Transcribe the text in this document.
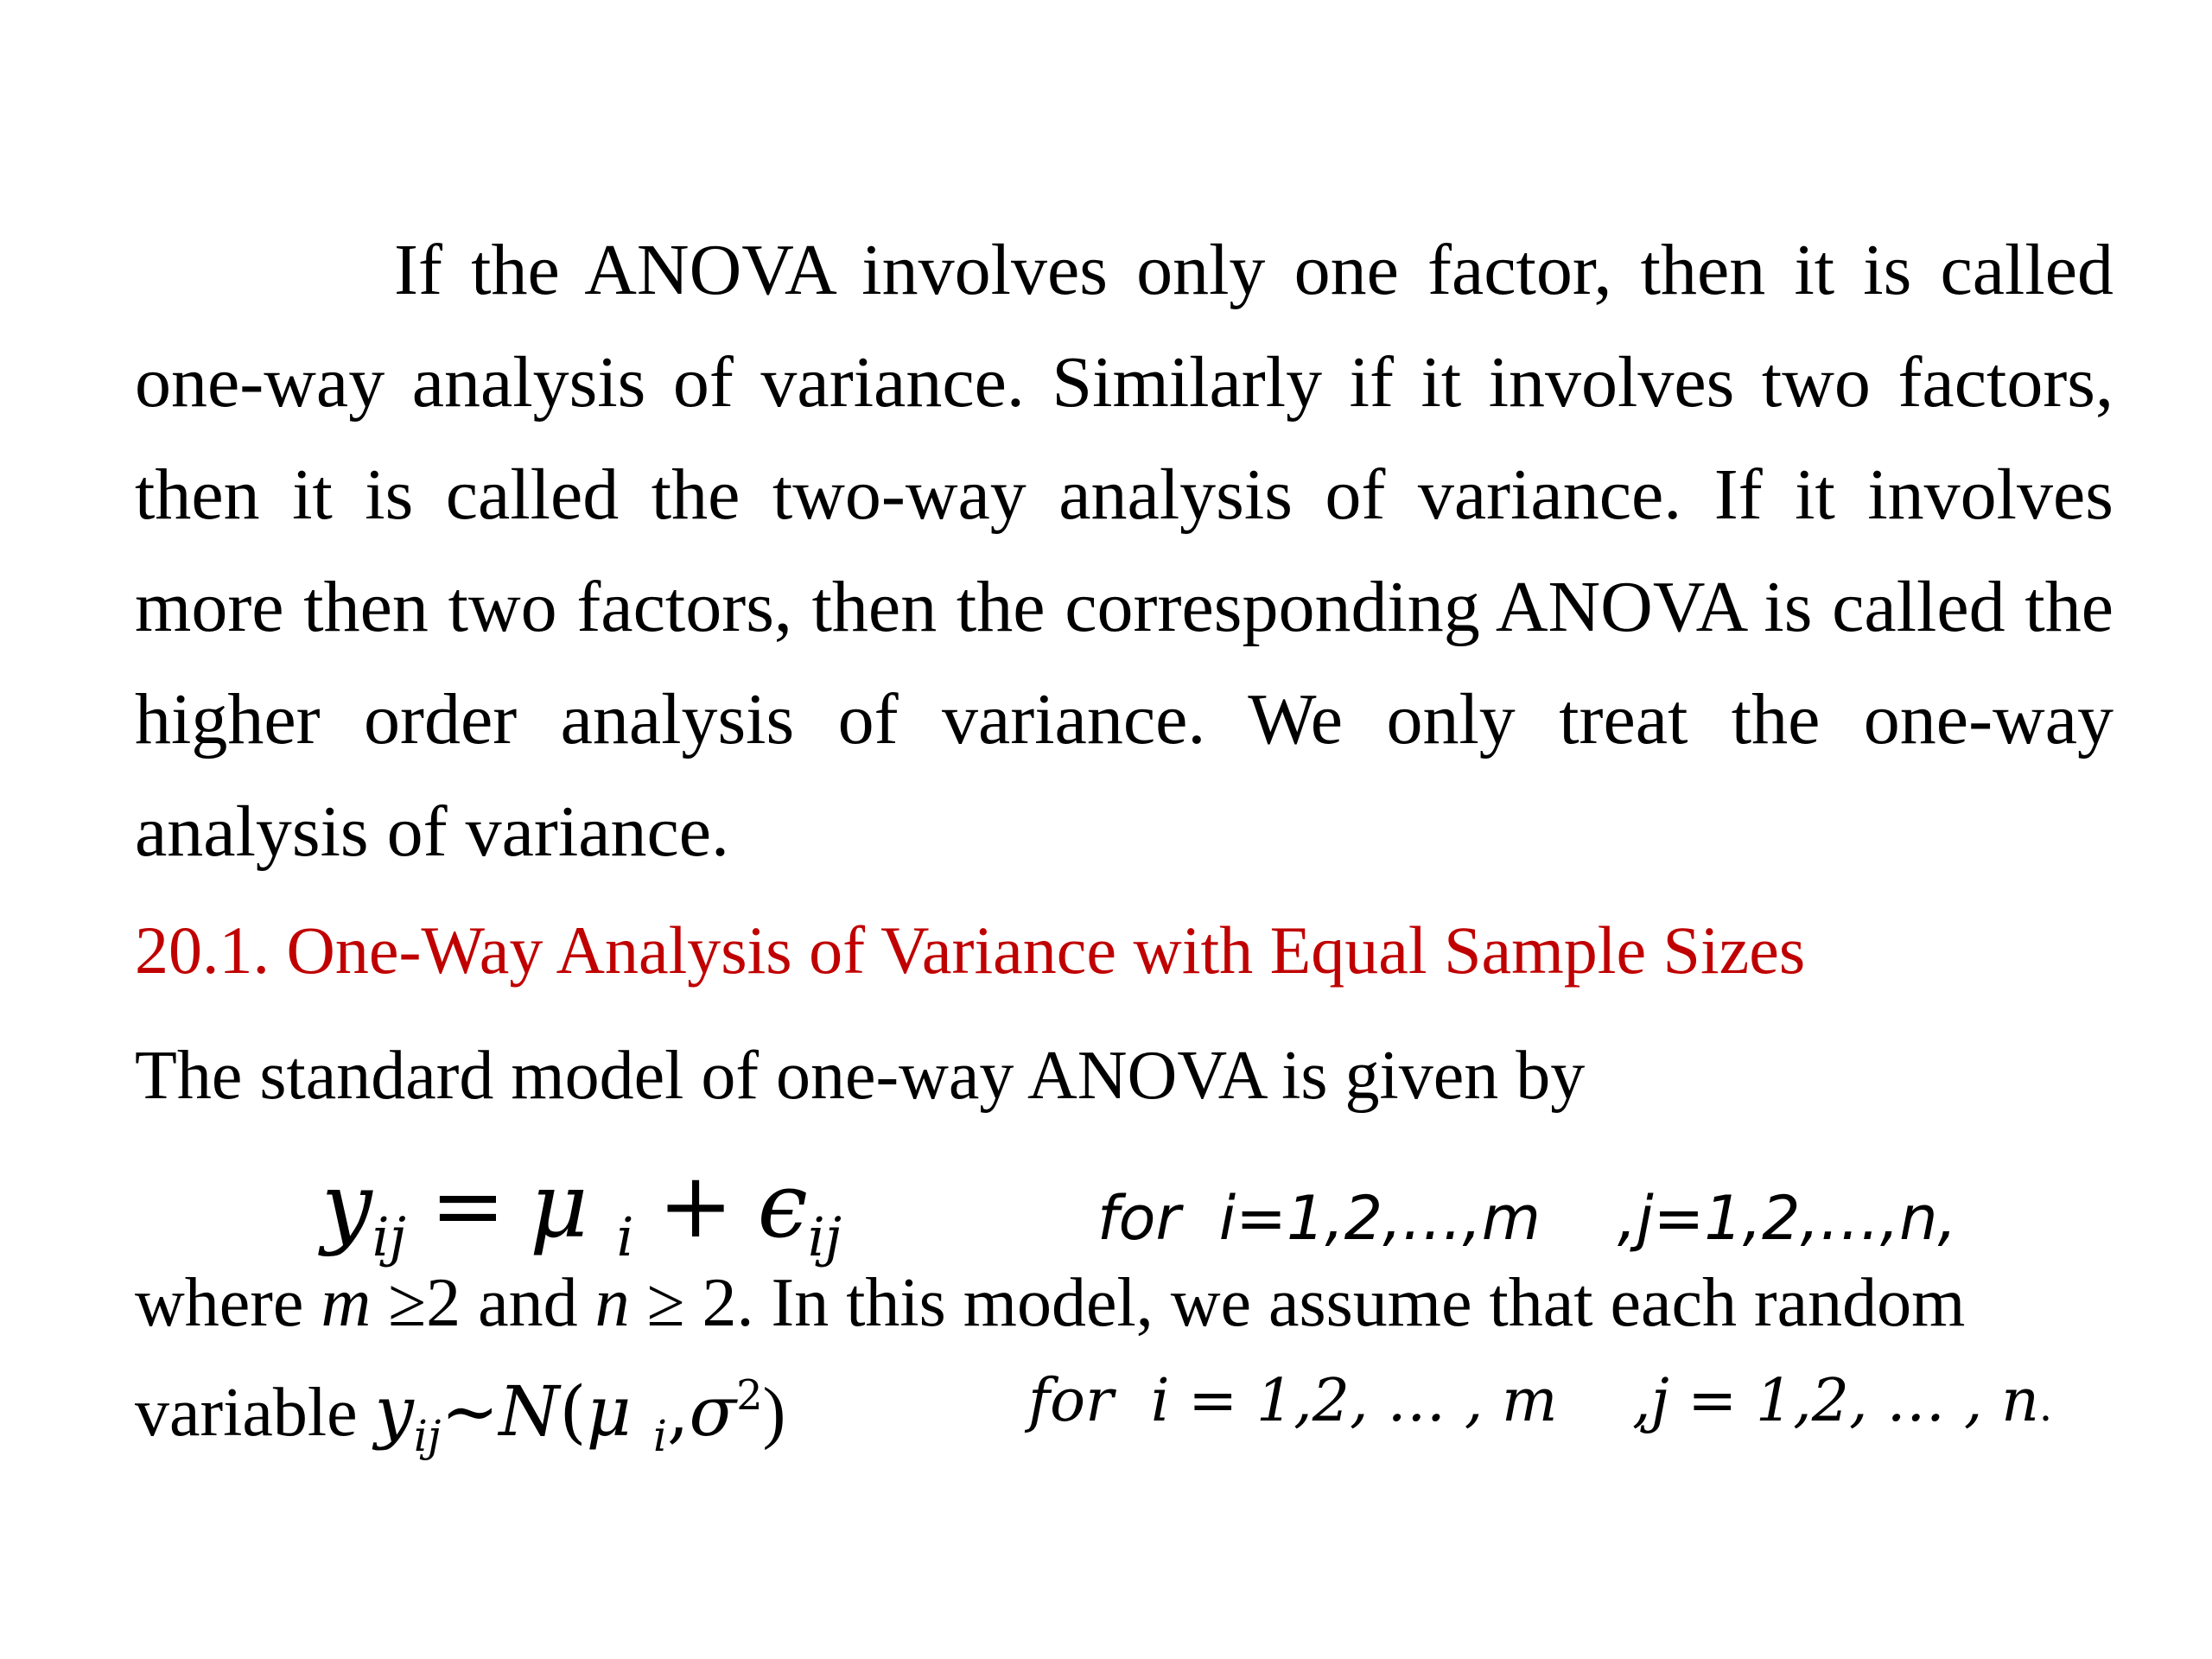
If the ANOVA involves only one factor, then it is called one-way analysis of variance. Similarly if it involves two factors, then it is called the two-way analysis of variance. If it involves more then two factors, then the corresponding ANOVA is called the higher order analysis of variance. We only treat the one-way analysis of variance.
20.1. One-Way Analysis of Variance with Equal Sample Sizes
The standard model of one-way ANOVA is given by
$y_{ij} = \mu$ $_i + \epsilon_{ij}$	for i=1,2,…,m ,j=1,2,…,n,
where m ≥2 and n ≥ 2. In this model, we assume that each random
variable $y_{ij}\sim N(\mu$ $_i,\sigma^2$)	for i = 1,2, … , m ,j = 1,2, … , n.
